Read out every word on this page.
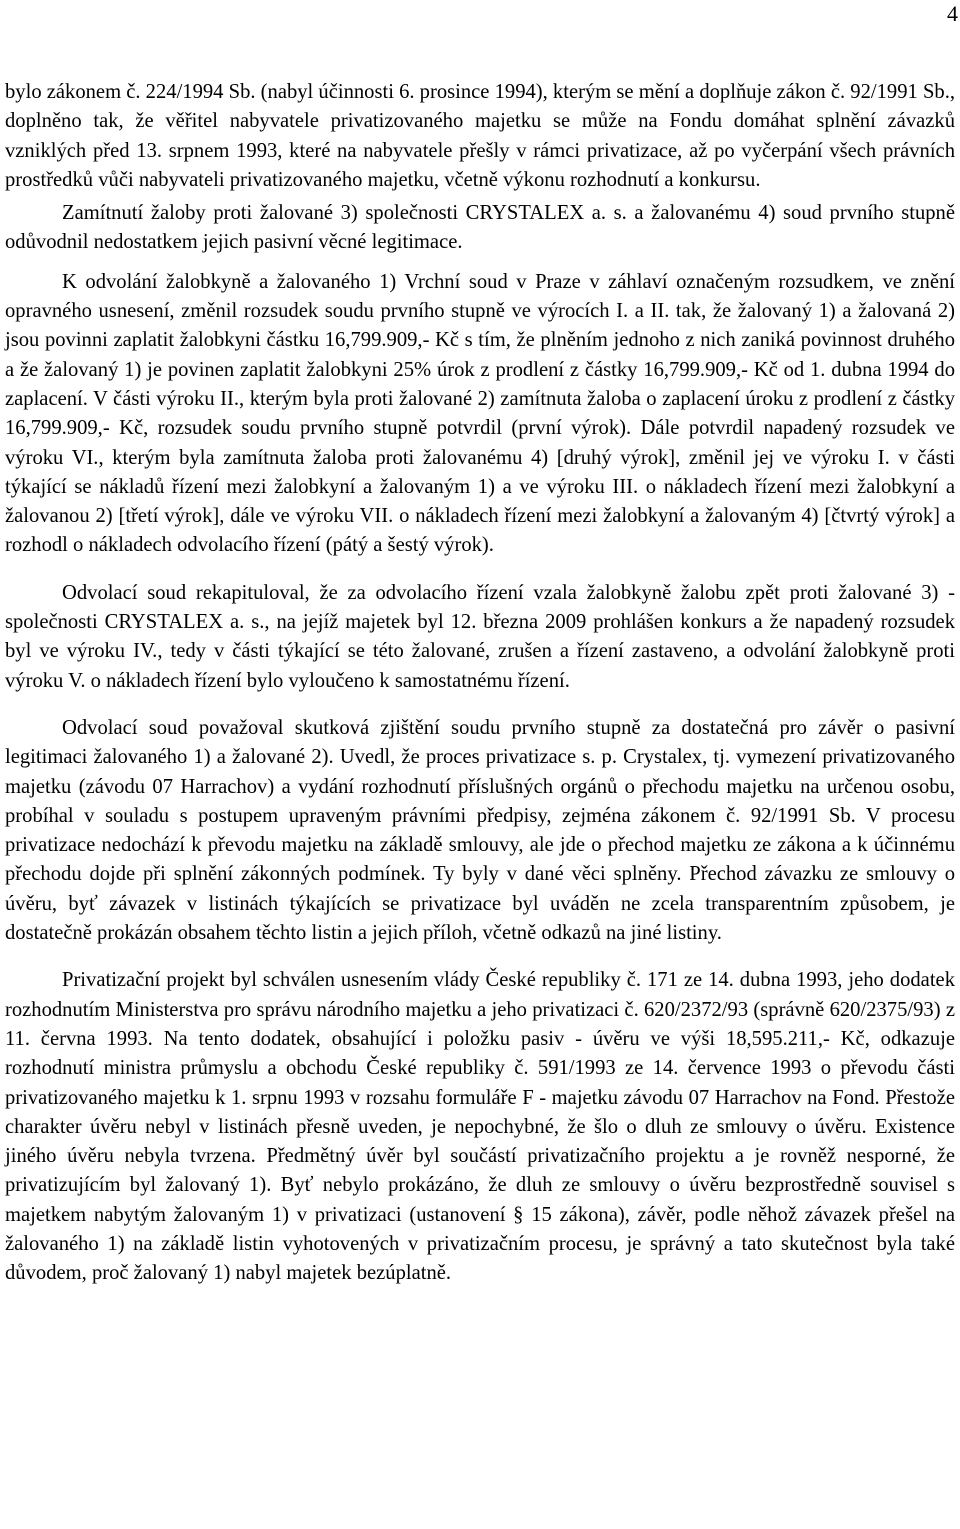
4

bylo zákonem č. 224/1994 Sb. (nabyl účinnosti 6. prosince 1994), kterým se mění a doplňuje zákon č. 92/1991 Sb., doplněno tak, že věřitel nabyvatele privatizovaného majetku se může na Fondu domáhat splnění závazků vzniklých před 13. srpnem 1993, které na nabyvatele přešly v rámci privatizace, až po vyčerpání všech právních prostředků vůči nabyvateli privatizovaného majetku, včetně výkonu rozhodnutí a konkursu.

Zamítnutí žaloby proti žalované 3) společnosti CRYSTALEX a. s. a žalovanému 4) soud prvního stupně odůvodnil nedostatkem jejich pasivní věcné legitimace.

K odvolání žalobkyně a žalovaného 1) Vrchní soud v Praze v záhlaví označeným rozsudkem, ve znění opravného usnesení, změnil rozsudek soudu prvního stupně ve výrocích I. a II. tak, že žalovaný 1) a žalovaná 2) jsou povinni zaplatit žalobkyni částku 16,799.909,- Kč s tím, že plněním jednoho z nich zaniká povinnost druhého a že žalovaný 1) je povinen zaplatit žalobkyni 25% úrok z prodlení z částky 16,799.909,- Kč od 1. dubna 1994 do zaplacení. V části výroku II., kterým byla proti žalované 2) zamítnuta žaloba o zaplacení úroku z prodlení z částky 16,799.909,- Kč, rozsudek soudu prvního stupně potvrdil (první výrok). Dále potvrdil napadený rozsudek ve výroku VI., kterým byla zamítnuta žaloba proti žalovanému 4) [druhý výrok], změnil jej ve výroku I. v části týkající se nákladů řízení mezi žalobkyní a žalovaným 1) a ve výroku III. o nákladech řízení mezi žalobkyní a žalovanou 2) [třetí výrok], dále ve výroku VII. o nákladech řízení mezi žalobkyní a žalovaným 4) [čtvrtý výrok] a rozhodl o nákladech odvolacího řízení (pátý a šestý výrok).

Odvolací soud rekapituloval, že za odvolacího řízení vzala žalobkyně žalobu zpět proti žalované 3) - společnosti CRYSTALEX a. s., na jejíž majetek byl 12. března 2009 prohlášen konkurs a že napadený rozsudek byl ve výroku IV., tedy v části týkající se této žalované, zrušen a řízení zastaveno, a odvolání žalobkyně proti výroku V. o nákladech řízení bylo vyloučeno k samostatnému řízení.

Odvolací soud považoval skutková zjištění soudu prvního stupně za dostatečná pro závěr o pasivní legitimaci žalovaného 1) a žalované 2). Uvedl, že proces privatizace s. p. Crystalex, tj. vymezení privatizovaného majetku (závodu 07 Harrachov) a vydání rozhodnutí příslušných orgánů o přechodu majetku na určenou osobu, probíhal v souladu s postupem upraveným právními předpisy, zejména zákonem č. 92/1991 Sb. V procesu privatizace nedochází k převodu majetku na základě smlouvy, ale jde o přechod majetku ze zákona a k účinnému přechodu dojde při splnění zákonných podmínek. Ty byly v dané věci splněny. Přechod závazku ze smlouvy o úvěru, byť závazek v listinách týkajících se privatizace byl uváděn ne zcela transparentním způsobem, je dostatečně prokázán obsahem těchto listin a jejich příloh, včetně odkazů na jiné listiny.

Privatizační projekt byl schválen usnesením vlády České republiky č. 171 ze 14. dubna 1993, jeho dodatek rozhodnutím Ministerstva pro správu národního majetku a jeho privatizaci č. 620/2372/93 (správně 620/2375/93) z 11. června 1993. Na tento dodatek, obsahující i položku pasiv - úvěru ve výši 18,595.211,- Kč, odkazuje rozhodnutí ministra průmyslu a obchodu České republiky č. 591/1993 ze 14. července 1993 o převodu části privatizovaného majetku k 1. srpnu 1993 v rozsahu formuláře F - majetku závodu 07 Harrachov na Fond. Přestože charakter úvěru nebyl v listinách přesně uveden, je nepochybné, že šlo o dluh ze smlouvy o úvěru. Existence jiného úvěru nebyla tvrzena. Předmětný úvěr byl součástí privatizačního projektu a je rovněž nesporné, že privatizujícím byl žalovaný 1). Byť nebylo prokázáno, že dluh ze smlouvy o úvěru bezprostředně souvisel s majetkem nabytým žalovaným 1) v privatizaci (ustanovení § 15 zákona), závěr, podle něhož závazek přešel na žalovaného 1) na základě listin vyhotovených v privatizačním procesu, je správný a tato skutečnost byla také důvodem, proč žalovaný 1) nabyl majetek bezúplatně.
